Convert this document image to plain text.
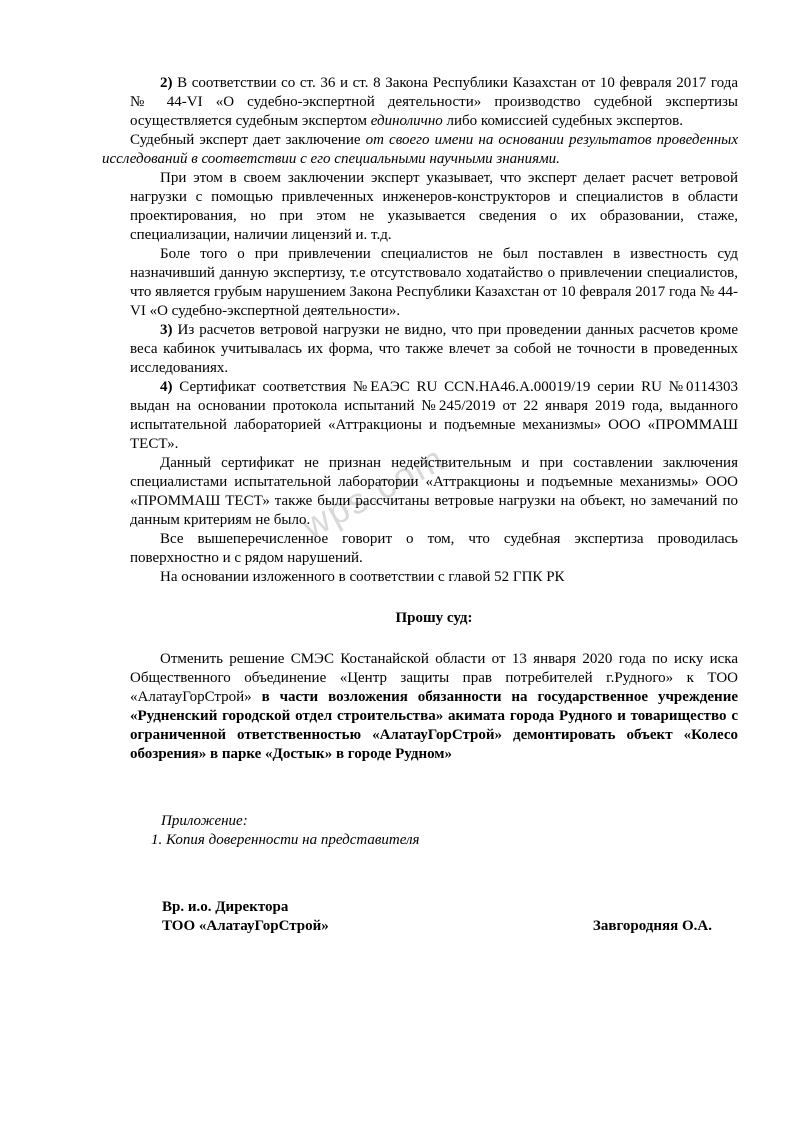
wps.com

2) В соответствии со ст. 36 и ст. 8 Закона Республики Казахстан от 10 февраля 2017 года № 44-VI «О судебно-экспертной деятельности» производство судебной экспертизы осуществляется судебным экспертом единолично либо комиссией судебных экспертов.

Судебный эксперт дает заключение от своего имени на основании результатов проведенных исследований в соответствии с его специальными научными знаниями.

При этом в своем заключении эксперт указывает, что эксперт делает расчет ветровой нагрузки с помощью привлеченных инженеров-конструкторов и специалистов в области проектирования, но при этом не указывается сведения о их образовании, стаже, специализации, наличии лицензий и. т.д.

Боле того о при привлечении специалистов не был поставлен в известность суд назначивший данную экспертизу, т.е отсутствовало ходатайство о привлечении специалистов, что является грубым нарушением Закона Республики Казахстан от 10 февраля 2017 года № 44-VI «О судебно-экспертной деятельности».

3) Из расчетов ветровой нагрузки не видно, что при проведении данных расчетов кроме веса кабинок учитывалась их форма, что также влечет за собой не точности в проведенных исследованиях.

4) Сертификат соответствия №ЕАЭС RU CCN.HA46.A.00019/19 серии RU №0114303 выдан на основании протокола испытаний №245/2019 от 22 января 2019 года, выданного испытательной лабораторией «Аттракционы и подъемные механизмы» ООО «ПРОММАШ ТЕСТ».

Данный сертификат не признан недействительным и при составлении заключения специалистами испытательной лаборатории «Аттракционы и подъемные механизмы» ООО «ПРОММАШ ТЕСТ» также были рассчитаны ветровые нагрузки на объект, но замечаний по данным критериям не было.

Все вышеперечисленное говорит о том, что судебная экспертиза проводилась поверхностно и с рядом нарушений.

На основании изложенного в соответствии с главой 52 ГПК РК

Прошу суд:

Отменить решение СМЭС Костанайской области от 13 января 2020 года по иску иска Общественного объединение «Центр защиты прав потребителей г.Рудного» к ТОО «АлатауГорСтрой» в части возложения обязанности на государственное учреждение «Рудненский городской отдел строительства» акимата города Рудного и товарищество с ограниченной ответственностью «АлатауГорСтрой» демонтировать объект «Колесо обозрения» в парке «Достык» в городе Рудном»

Приложение:
1. Копия доверенности на представителя
Вр. и.о. Директора
ТОО «АлатауГорСтрой»	Завгородняя О.А.
